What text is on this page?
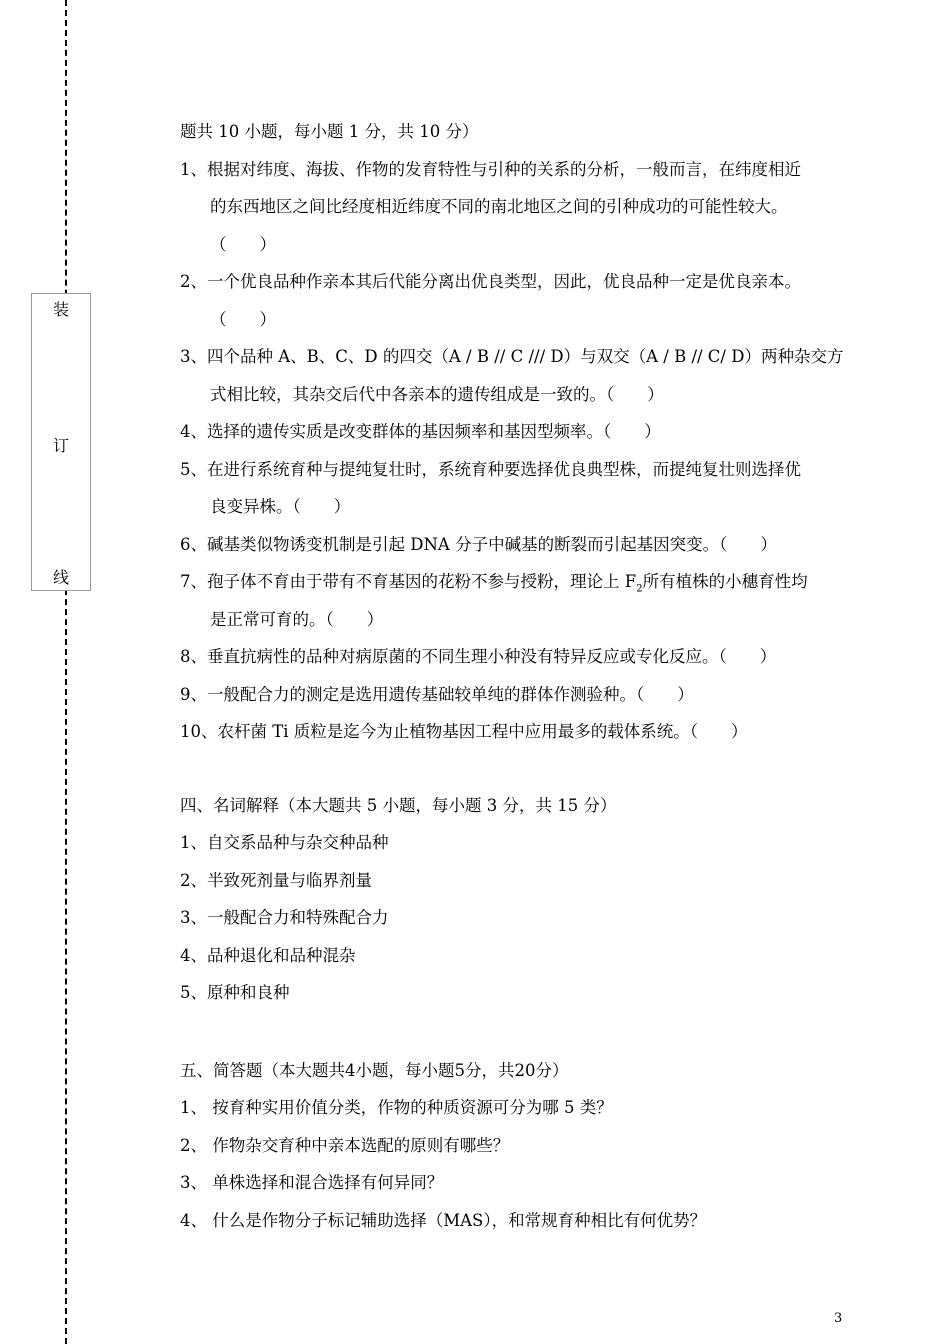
装
订
线
题共 10 小题，每小题 1 分，共 10 分）
1、 根据对纬度、海拔、作物的发育特性与引种的关系的分析，一般而言，在纬度相近
的东西地区之间比经度相近纬度不同的南北地区之间的引种成功的可能性较大。
（　　）
2、 一个优良品种作亲本其后代能分离出优良类型，因此，优良品种一定是优良亲本。
（　　）
3、 四个品种 A、B、C、D 的四交（A / B // C /// D）与双交（A / B // C/ D）两种杂交方
式相比较，其杂交后代中各亲本的遗传组成是一致的。（　　）
4、 选择的遗传实质是改变群体的基因频率和基因型频率。（　　）
5、 在进行系统育种与提纯复壮时，系统育种要选择优良典型株，而提纯复壮则选择优
良变异株。（　　）
6、 碱基类似物诱变机制是引起 DNA 分子中碱基的断裂而引起基因突变。（　　）
7、 孢子体不育由于带有不育基因的花粉不参与授粉，理论上 $F_2$所有植株的小穗育性均
是正常可育的。（　　）
8、 垂直抗病性的品种对病原菌的不同生理小种没有特异反应或专化反应。（　　）
9、 一般配合力的测定是选用遗传基础较单纯的群体作测验种。（　　）
10、 农杆菌 Ti 质粒是迄今为止植物基因工程中应用最多的载体系统。（　　）
四、名词解释（本大题共 5 小题，每小题 3 分，共 15 分）
1、自交系品种与杂交种品种
2、半致死剂量与临界剂量
3、一般配合力和特殊配合力
4、品种退化和品种混杂
5、原种和良种
五、简答题（本大题共4小题，每小题5分，共20分）
1、 按育种实用价值分类，作物的种质资源可分为哪 5 类？
2、 作物杂交育种中亲本选配的原则有哪些？
3、 单株选择和混合选择有何异同？
4、 什么是作物分子标记辅助选择（MAS），和常规育种相比有何优势？
3
